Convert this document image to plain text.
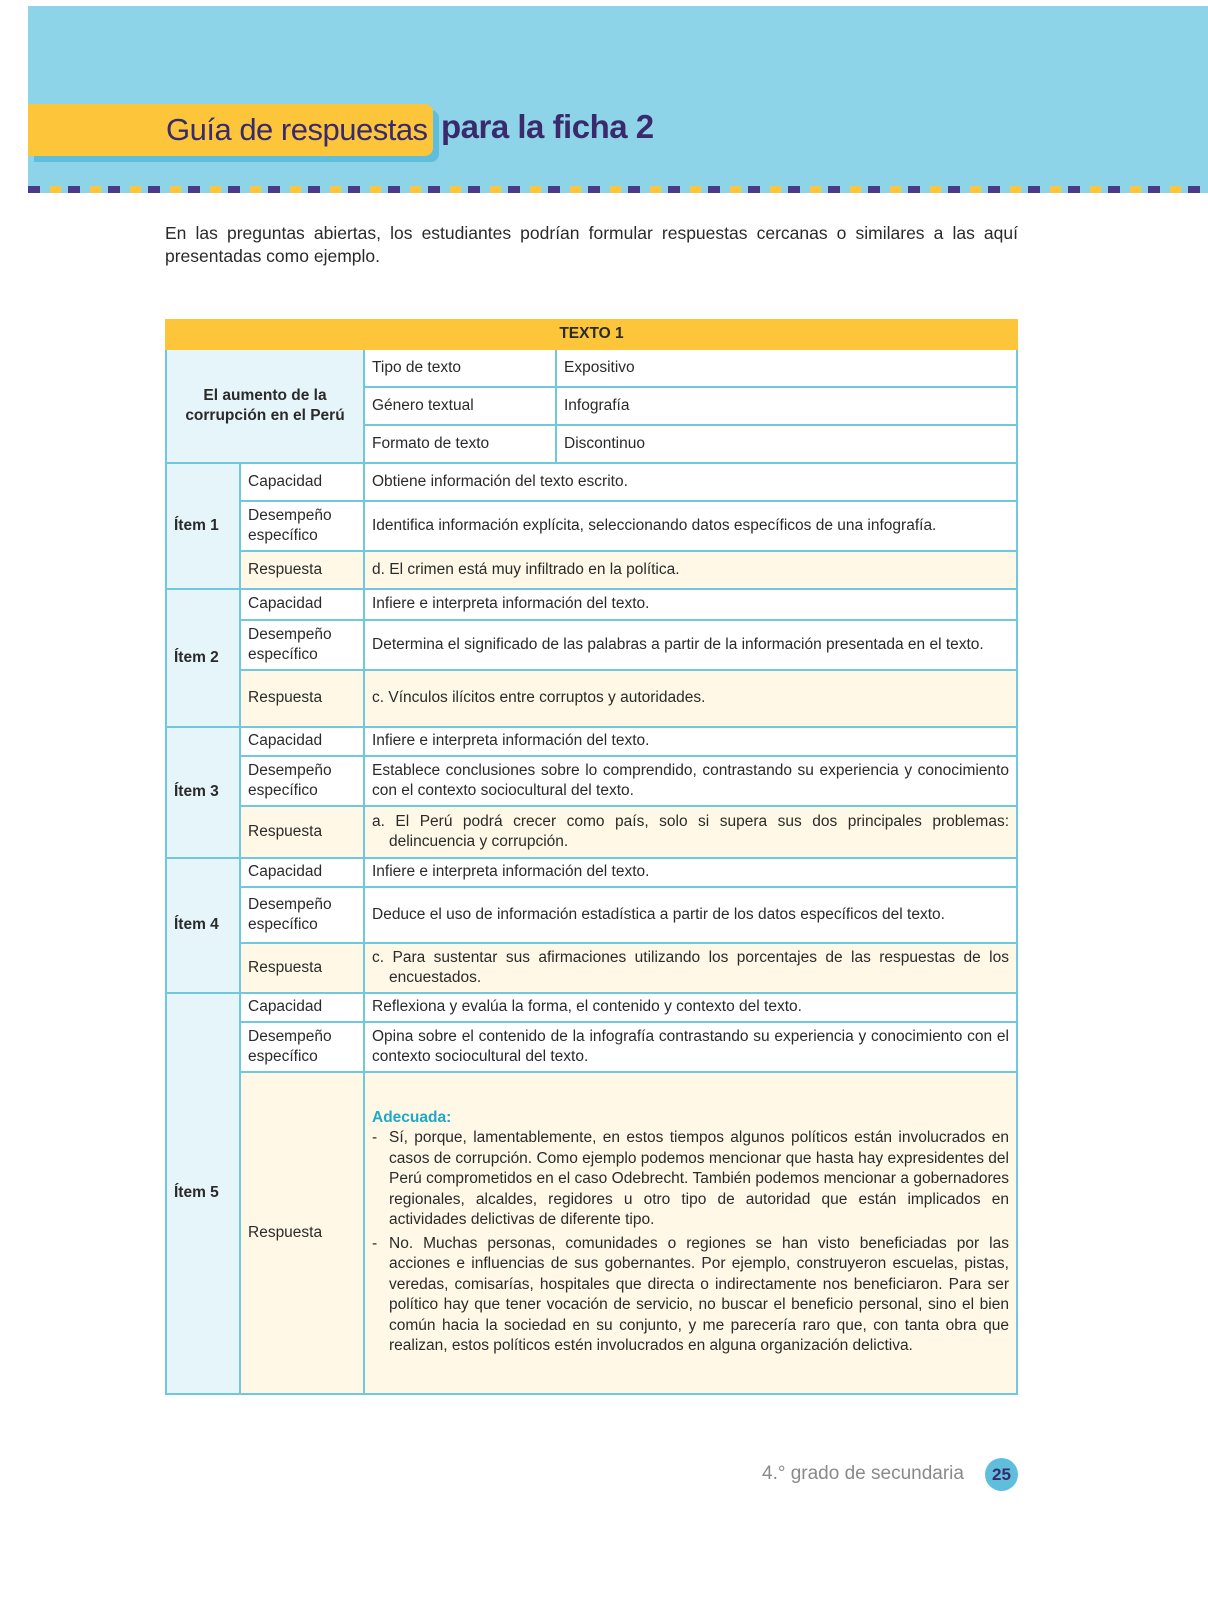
Guía de respuestas para la ficha 2

En las preguntas abiertas, los estudiantes podrían formular respuestas cercanas o similares a las aquí presentadas como ejemplo.

TEXTO 1			
El aumento de la corrupción en el Perú		Tipo de texto	Expositivo
		Género textual	Infografía
		Formato de texto	Discontinuo
Ítem 1	Capacidad	Obtiene información del texto escrito.	
	Desempeño específico	Identifica información explícita, seleccionando datos específicos de una infografía.	
	Respuesta	d. El crimen está muy infiltrado en la política.	
Ítem 2	Capacidad	Infiere e interpreta información del texto.	
	Desempeño específico	Determina el significado de las palabras a partir de la información presentada en el texto.	
	Respuesta	c. Vínculos ilícitos entre corruptos y autoridades.	
Ítem 3	Capacidad	Infiere e interpreta información del texto.	
	Desempeño específico	Establece conclusiones sobre lo comprendido, contrastando su experiencia y conocimiento con el contexto sociocultural del texto.	
	Respuesta	a. El Perú podrá crecer como país, solo si supera sus dos principales problemas: delincuencia y corrupción.	

Ítem 4	Capacidad	Infiere e interpreta información del texto.	
	Desempeño específico	Deduce el uso de información estadística a partir de los datos específicos del texto.	
	Respuesta	c. Para sustentar sus afirmaciones utilizando los porcentajes de las respuestas de los encuestados.	

Ítem 5	Capacidad	Reflexiona y evalúa la forma, el contenido y contexto del texto.	
	Desempeño específico	Opina sobre el contenido de la infografía contrastando su experiencia y conocimiento con el contexto sociocultural del texto.	
	Respuesta	Adecuada:
- Sí, porque, lamentablemente, en estos tiempos algunos políticos están involucrados en casos de corrupción. Como ejemplo podemos mencionar que hasta hay expresidentes del Perú comprometidos en el caso Odebrecht. También podemos mencionar a gobernadores regionales, alcaldes, regidores u otro tipo de autoridad que están implicados en actividades delictivas de diferente tipo.
- No. Muchas personas, comunidades o regiones se han visto beneficiadas por las acciones e influencias de sus gobernantes. Por ejemplo, construyeron escuelas, pistas, veredas, comisarías, hospitales que directa o indirectamente nos beneficiaron. Para ser político hay que tener vocación de servicio, no buscar el beneficio personal, sino el bien común hacia la sociedad en su conjunto, y me parecería raro que, con tanta obra que realizan, estos políticos estén involucrados en alguna organización delictiva.	
4.° grado de secundaria	25
